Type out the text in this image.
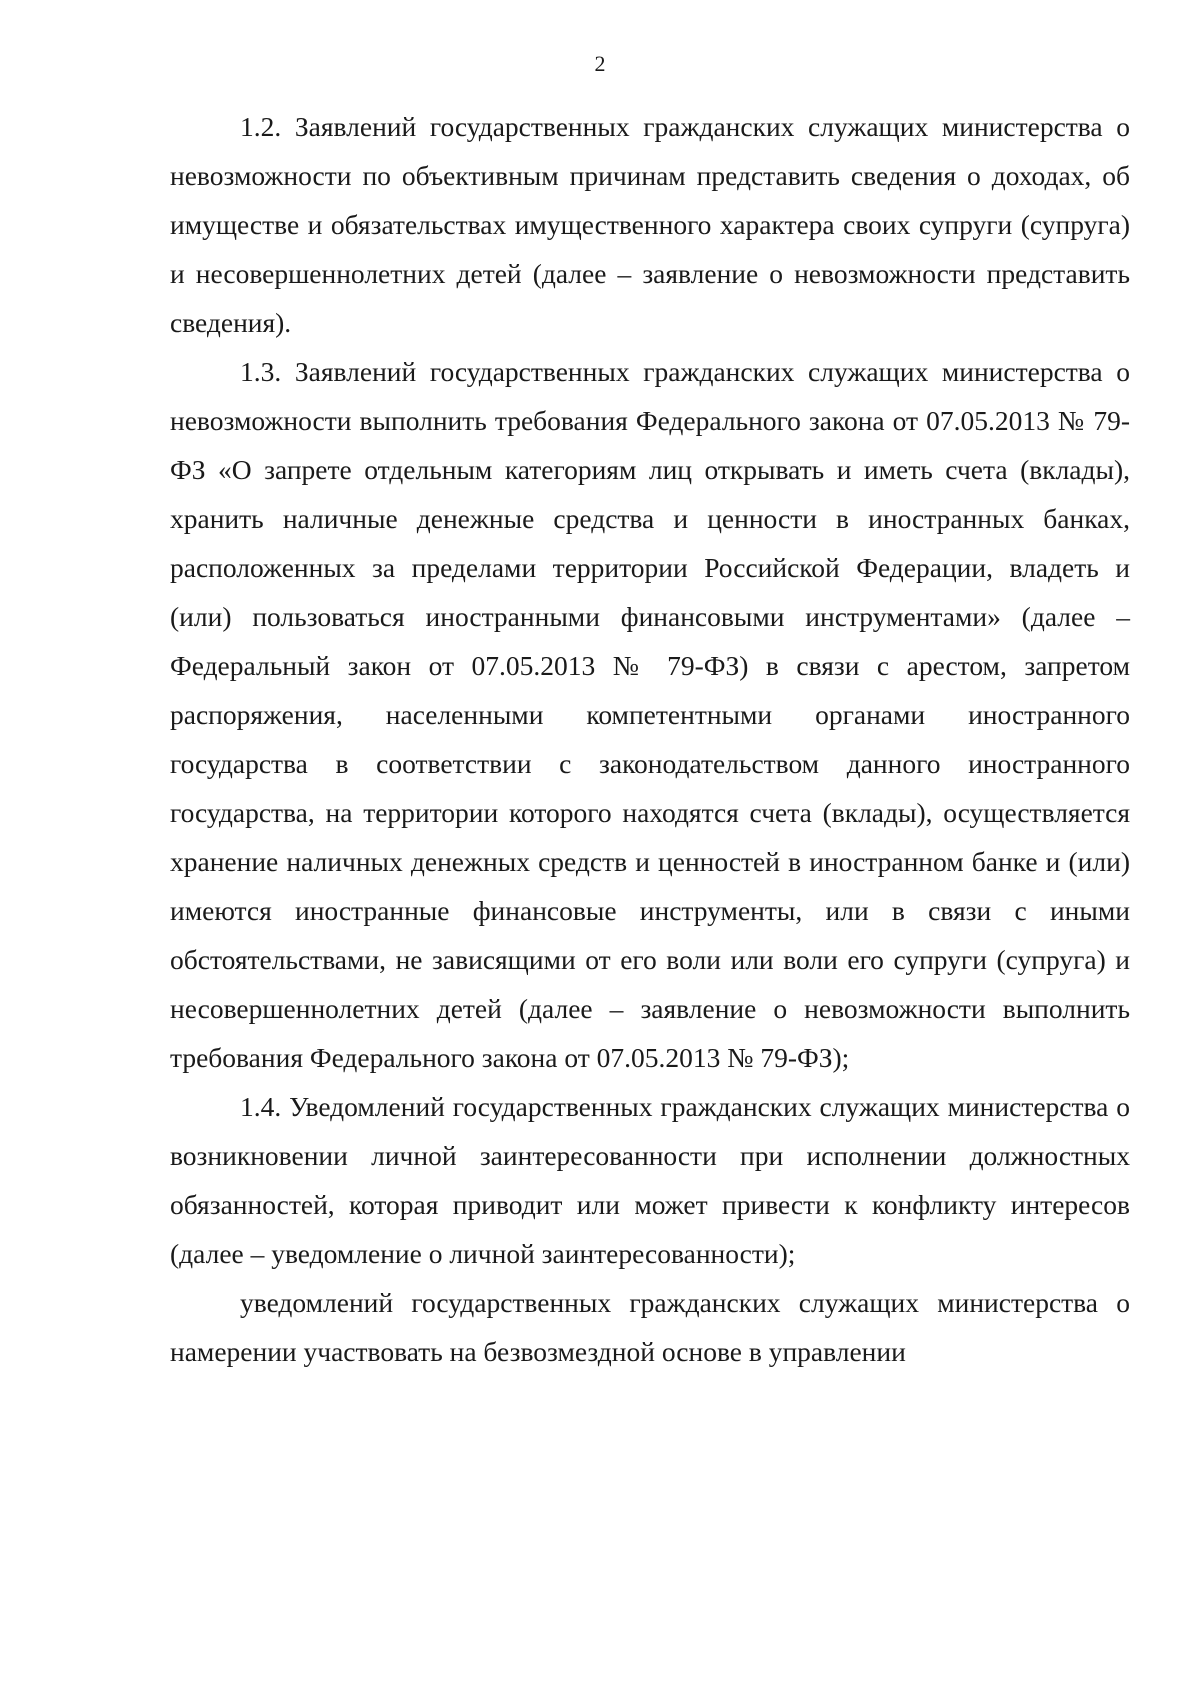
2

1.2. Заявлений государственных гражданских служащих министерства о невозможности по объективным причинам представить сведения о доходах, об имуществе и обязательствах имущественного характера своих супруги (супруга) и несовершеннолетних детей (далее – заявление о невозможности представить сведения).

1.3. Заявлений государственных гражданских служащих министерства о невозможности выполнить требования Федерального закона от 07.05.2013 № 79-ФЗ «О запрете отдельным категориям лиц открывать и иметь счета (вклады), хранить наличные денежные средства и ценности в иностранных банках, расположенных за пределами территории Российской Федерации, владеть и (или) пользоваться иностранными финансовыми инструментами» (далее – Федеральный закон от 07.05.2013 № 79-ФЗ) в связи с арестом, запретом распоряжения, населенными компетентными органами иностранного государства в соответствии с законодательством данного иностранного государства, на территории которого находятся счета (вклады), осуществляется хранение наличных денежных средств и ценностей в иностранном банке и (или) имеются иностранные финансовые инструменты, или в связи с иными обстоятельствами, не зависящими от его воли или воли его супруги (супруга) и несовершеннолетних детей (далее – заявление о невозможности выполнить требования Федерального закона от 07.05.2013 № 79-ФЗ);

1.4. Уведомлений государственных гражданских служащих министерства о возникновении личной заинтересованности при исполнении должностных обязанностей, которая приводит или может привести к конфликту интересов (далее – уведомление о личной заинтересованности);

уведомлений государственных гражданских служащих министерства о намерении участвовать на безвозмездной основе в управлении
